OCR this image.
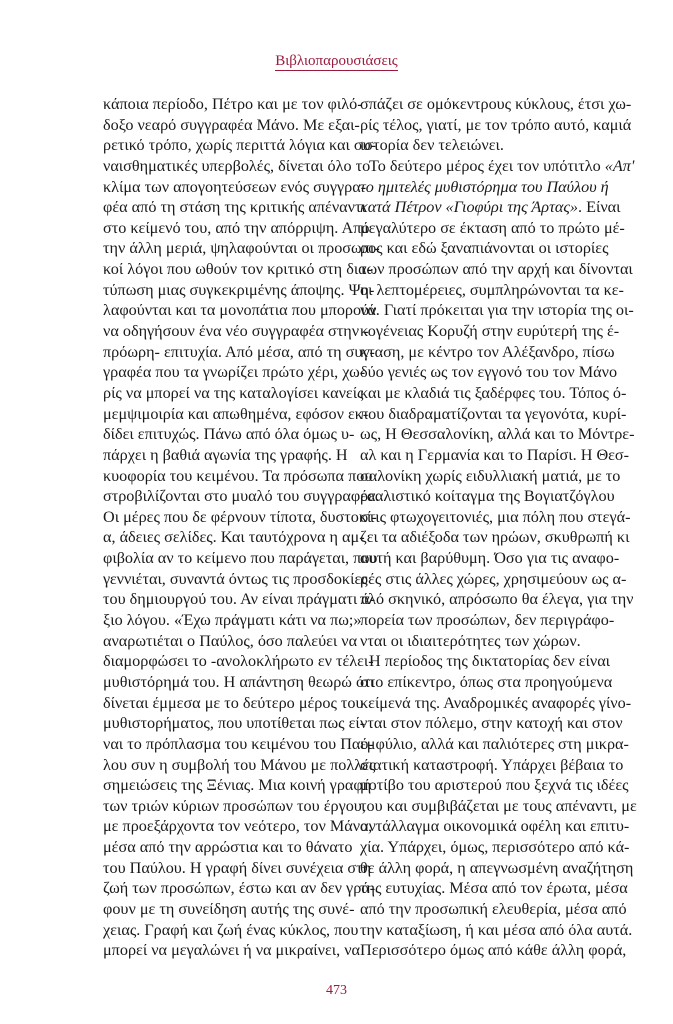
Βιβλιοπαρουσιάσεις
κάποια περίοδο, Πέτρο και με τον φιλό-
δοξο νεαρό συγγραφέα Μάνο. Με εξαι-
ρετικό τρόπο, χωρίς περιττά λόγια και συ-
ναισθηματικές υπερβολές, δίνεται όλο το
κλίμα των απογοητεύσεων ενός συγγρα-
φέα από τη στάση της κριτικής απέναντι
στο κείμενό του, από την απόρριψη. Από
την άλλη μεριά, ψηλαφούνται οι προσωπι-
κοί λόγοι που ωθούν τον κριτικό στη δια-
τύπωση μιας συγκεκριμένης άποψης. Ψη-
λαφούνται και τα μονοπάτια που μπορούν
να οδηγήσουν ένα νέο συγγραφέα στην -
πρόωρη- επιτυχία. Από μέσα, από τη συγ-
γραφέα που τα γνωρίζει πρώτο χέρι, χω-
ρίς να μπορεί να της καταλογίσει κανείς
μεμψιμοιρία και απωθημένα, εφόσον εκ-
δίδει επιτυχώς. Πάνω από όλα όμως υ-
πάρχει η βαθιά αγωνία της γραφής. Η
κυοφορία του κειμένου. Τα πρόσωπα που
στροβιλίζονται στο μυαλό του συγγραφέα.
Οι μέρες που δε φέρνουν τίποτα, δυστοκί-
α, άδειες σελίδες. Και ταυτόχρονα η αμ-
φιβολία αν το κείμενο που παράγεται, που
γεννιέται, συναντά όντως τις προσδοκίες
του δημιουργού του. Αν είναι πράγματι ά-
ξιο λόγου. «Έχω πράγματι κάτι να πω;»
αναρωτιέται ο Παύλος, όσο παλεύει να
διαμορφώσει το -ανολοκλήρωτο εν τέλει-
μυθιστόρημά του. Η απάντηση θεωρώ ότι
δίνεται έμμεσα με το δεύτερο μέρος του
μυθιστορήματος, που υποτίθεται πως εί-
ναι το πρόπλασμα του κειμένου του Παύ-
λου συν η συμβολή του Μάνου με πολλές
σημειώσεις της Ξένιας. Μια κοινή γραφή
των τριών κύριων προσώπων του έργου,
με προεξάρχοντα τον νεότερο, τον Μάνο,
μέσα από την αρρώστια και το θάνατο
του Παύλου. Η γραφή δίνει συνέχεια στη
ζωή των προσώπων, έστω και αν δεν γρά-
φουν με τη συνείδηση αυτής της συνέ-
χειας. Γραφή και ζωή ένας κύκλος, που
μπορεί να μεγαλώνει ή να μικραίνει, να
σπάζει σε ομόκεντρους κύκλους, έτσι χω-
ρίς τέλος, γιατί, με τον τρόπο αυτό, καμιά
ιστορία δεν τελειώνει.
Το δεύτερο μέρος έχει τον υπότιτλο «Απ'
το ημιτελές μυθιστόρημα του Παύλου ή
κατά Πέτρον «Γιοφύρι της Άρτας». Είναι
μεγαλύτερο σε έκταση από το πρώτο μέ-
ρος και εδώ ξαναπιάνονται οι ιστορίες
των προσώπων από την αρχή και δίνονται
οι λεπτομέρειες, συμπληρώνονται τα κε-
νά. Γιατί πρόκειται για την ιστορία της οι-
κογένειας Κορυζή στην ευρύτερή της έ-
κταση, με κέντρο τον Αλέξανδρο, πίσω
δύο γενιές ως τον εγγονό του τον Μάνο
και με κλαδιά τις ξαδέρφες του. Τόπος ό-
που διαδραματίζονται τα γεγονότα, κυρί-
ως, Η Θεσσαλονίκη, αλλά και το Μόντρε-
αλ και η Γερμανία και το Παρίσι. Η Θεσ-
σαλονίκη χωρίς ειδυλλιακή ματιά, με το
ρεαλιστικό κοίταγμα της Βογιατζόγλου
στις φτωχογειτονιές, μια πόλη που στεγά-
ζει τα αδιέξοδα των ηρώων, σκυθρωπή κι
αυτή και βαρύθυμη. Όσο για τις αναφο-
ρές στις άλλες χώρες, χρησιμεύουν ως α-
πλό σκηνικό, απρόσωπο θα έλεγα, για την
πορεία των προσώπων, δεν περιγράφο-
νται οι ιδιαιτερότητες των χώρων.
Η περίοδος της δικτατορίας δεν είναι
στο επίκεντρο, όπως στα προηγούμενα
κείμενά της. Αναδρομικές αναφορές γίνο-
νται στον πόλεμο, στην κατοχή και στον
εμφύλιο, αλλά και παλιότερες στη μικρα-
σιατική καταστροφή. Υπάρχει βέβαια το
μοτίβο του αριστερού που ξεχνά τις ιδέες
του και συμβιβάζεται με τους απέναντι, με
αντάλλαγμα οικονομικά οφέλη και επιτυ-
χία. Υπάρχει, όμως, περισσότερο από κά-
θε άλλη φορά, η απεγνωσμένη αναζήτηση
της ευτυχίας. Μέσα από τον έρωτα, μέσα
από την προσωπική ελευθερία, μέσα από
την καταξίωση, ή και μέσα από όλα αυτά.
Περισσότερο όμως από κάθε άλλη φορά,
473
